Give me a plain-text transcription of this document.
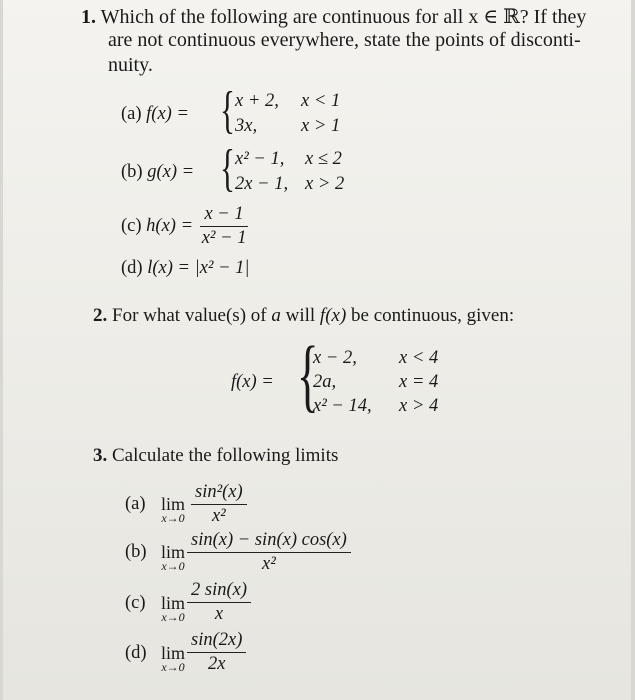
1. Which of the following are continuous for all x ∈ ℝ? If they
are not continuous everywhere, state the points of disconti-
nuity.
(a) f(x) = { x + 2, x < 1
3x, x > 1
(b) g(x) = { x² − 1, x ≤ 2
2x − 1, x > 2
(c)
h(x) =
$\frac{x - 1}{\text{x² − 1}}$
(d) l(x) = |x² − 1|
2. For what value(s) of a will f(x) be continuous, given:
f(x) = {
x − 2, x < 4
2a,	x = 4
x² − 14, x > 4
3. Calculate the following limits
(a) lim
$x\to 0 \frac{\text{sin²(x)}}{\text{x²}}$
(b) lim
$x\to 0 \frac{\sin(x) - \sin(x) \cos(x)}{\text{x²}}$
(c) lim
$x\to 0 \frac{2 \sin(x)}{x}$
(d) lim
$x\to 0 \frac{\sin(2x)}{2x}$
